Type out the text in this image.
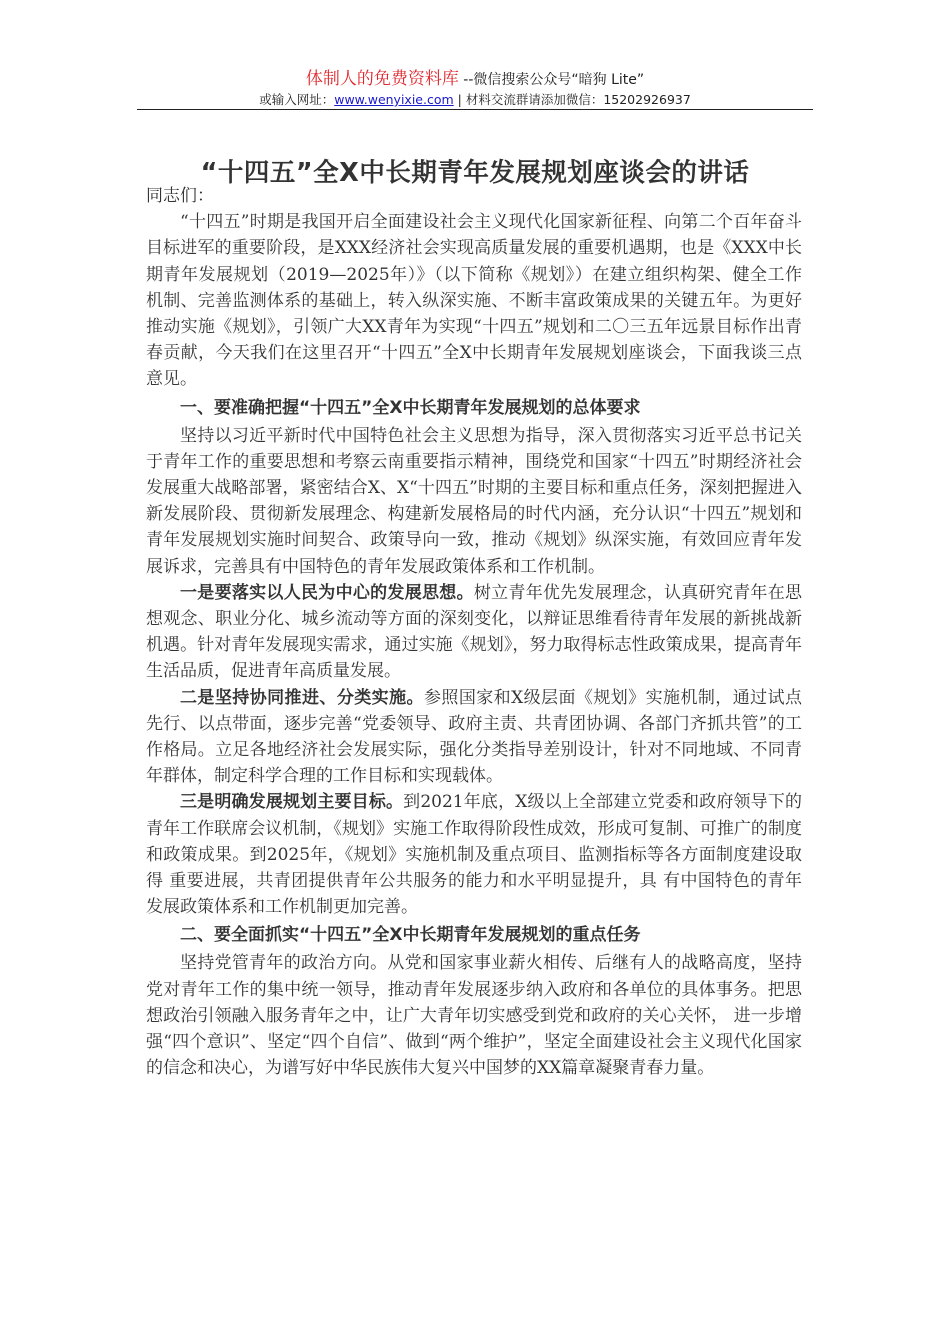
体制人的免费资料库 --微信搜索公众号“暗狗 Lite”
或输入网址：www.wenyixie.com | 材料交流群请添加微信：15202926937
“十四五”全X中长期青年发展规划座谈会的讲话

同志们：

“十四五”时期是我国开启全面建设社会主义现代化国家新征程、向第二个百年奋斗目标进军的重要阶段，是XXX经济社会实现高质量发展的重要机遇期，也是《XXX中长期青年发展规划（2019—2025年）》（以下简称《规划》）在建立组织构架、健全工作机制、完善监测体系的基础上，转入纵深实施、不断丰富政策成果的关键五年。为更好推动实施《规划》，引领广大XX青年为实现“十四五”规划和二〇三五年远景目标作出青春贡献，今天我们在这里召开“十四五”全X中长期青年发展规划座谈会，下面我谈三点意见。

一、要准确把握“十四五”全X中长期青年发展规划的总体要求

坚持以习近平新时代中国特色社会主义思想为指导，深入贯彻落实习近平总书记关于青年工作的重要思想和考察云南重要指示精神，围绕党和国家“十四五”时期经济社会发展重大战略部署，紧密结合X、X“十四五”时期的主要目标和重点任务，深刻把握进入新发展阶段、贯彻新发展理念、构建新发展格局的时代内涵，充分认识“十四五”规划和青年发展规划实施时间契合、政策导向一致，推动《规划》纵深实施，有效回应青年发展诉求，完善具有中国特色的青年发展政策体系和工作机制。

一是要落实以人民为中心的发展思想。树立青年优先发展理念，认真研究青年在思想观念、职业分化、城乡流动等方面的深刻变化，以辩证思维看待青年发展的新挑战新机遇。针对青年发展现实需求，通过实施《规划》，努力取得标志性政策成果，提高青年生活品质，促进青年高质量发展。

二是坚持协同推进、分类实施。参照国家和X级层面《规划》实施机制，通过试点先行、以点带面，逐步完善“党委领导、政府主责、共青团协调、各部门齐抓共管”的工作格局。立足各地经济社会发展实际，强化分类指导差别设计，针对不同地域、不同青年群体，制定科学合理的工作目标和实现载体。

三是明确发展规划主要目标。到2021年底，X级以上全部建立党委和政府领导下的青年工作联席会议机制，《规划》实施工作取得阶段性成效，形成可复制、可推广的制度和政策成果。到2025年，《规划》实施机制及重点项目、监测指标等各方面制度建设取得 重要进展，共青团提供青年公共服务的能力和水平明显提升，具 有中国特色的青年发展政策体系和工作机制更加完善。

二、要全面抓实“十四五”全X中长期青年发展规划的重点任务

坚持党管青年的政治方向。从党和国家事业薪火相传、后继有人的战略高度，坚持党对青年工作的集中统一领导，推动青年发展逐步纳入政府和各单位的具体事务。把思想政治引领融入服务青年之中，让广大青年切实感受到党和政府的关心关怀， 进一步增强“四个意识”、坚定“四个自信”、做到“两个维护”，坚定全面建设社会主义现代化国家的信念和决心，为谱写好中华民族伟大复兴中国梦的XX篇章凝聚青春力量。
